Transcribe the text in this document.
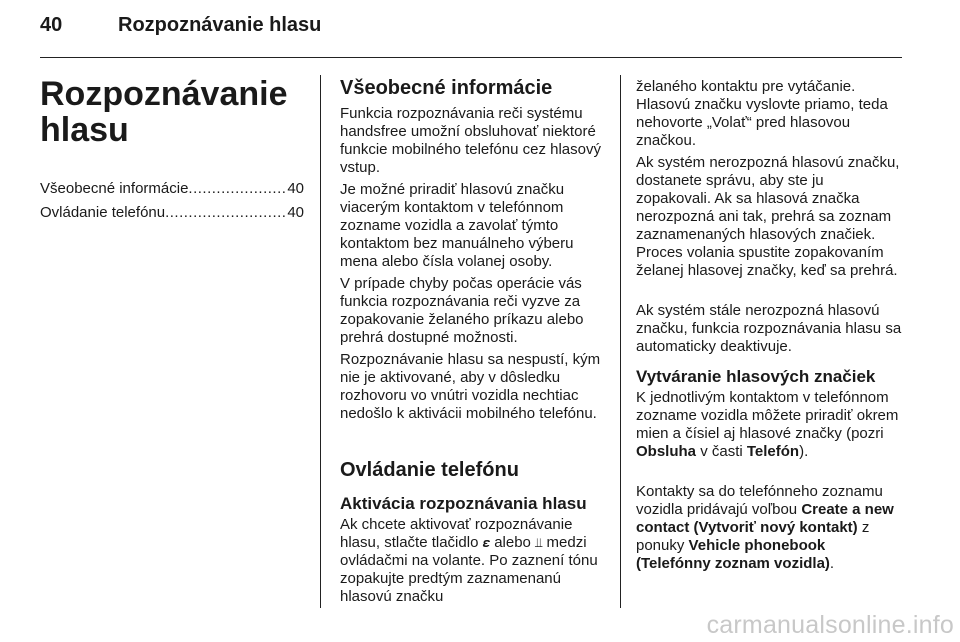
40	Rozpoznávanie hlasu
Rozpoznávanie
hlasu
Všeobecné informácie .....	40
Ovládanie telefónu .....	40
Všeobecné informácie

Funkcia rozpoznávania reči systému handsfree umožní obsluhovať niektoré funkcie mobilného telefónu cez hlasový vstup.

Je možné priradiť hlasovú značku viacerým kontaktom v telefónnom zozname vozidla a zavolať týmto kontaktom bez manuálneho výberu mena alebo čísla volanej osoby.

V prípade chyby počas operácie vás funkcia rozpoznávania reči vyzve za zopakovanie želaného príkazu alebo prehrá dostupné možnosti.

Rozpoznávanie hlasu sa nespustí, kým nie je aktivované, aby v dôsledku rozhovoru vo vnútri vozidla nechtiac nedošlo k aktivácii mobilného telefónu.

Ovládanie telefónu
Aktivácia rozpoznávania hlasu

Ak chcete aktivovať rozpoznávanie hlasu, stlačte tlačidlo 𝜺 alebo ⫫ medzi ovládačmi na volante. Po zaznení tónu zopakujte predtým zaznamenanú hlasovú značku

želaného kontaktu pre vytáčanie. Hlasovú značku vyslovte priamo, teda nehovorte „Volať“ pred hlasovou značkou.

Ak systém nerozpozná hlasovú značku, dostanete správu, aby ste ju zopakovali. Ak sa hlasová značka nerozpozná ani tak, prehrá sa zoznam zaznamenaných hlasových značiek. Proces volania spustite zopakovaním želanej hlasovej značky, keď sa prehrá.

Ak systém stále nerozpozná hlasovú značku, funkcia rozpoznávania hlasu sa automaticky deaktivuje.

Vytváranie hlasových značiek

K jednotlivým kontaktom v telefónnom zozname vozidla môžete priradiť okrem mien a čísiel aj hlasové značky (pozri Obsluha v časti Telefón).

Kontakty sa do telefónneho zoznamu vozidla pridávajú voľbou Create a new contact (Vytvoriť nový kontakt) z ponuky Vehicle phonebook (Telefónny zoznam vozidla).

carmanualsonline.info
